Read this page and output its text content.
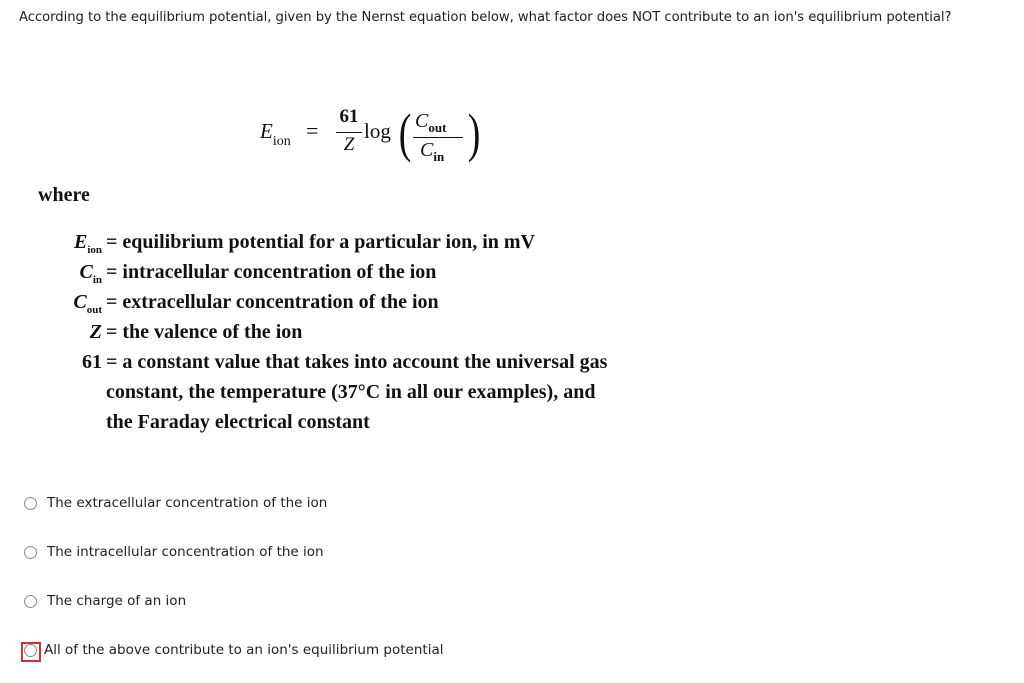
According to the equilibrium potential, given by the Nernst equation below, what factor does NOT contribute to an ion's equilibrium potential?
$E_{ion}$ =
61
Z
log ( $C_{out}$
$C_{in}$ )
where
$E_{ion}$ = equilibrium potential for a particular ion, in mV
$C_{in}$ = intracellular concentration of the ion
$C_{out}$ = extracellular concentration of the ion
Z = the valence of the ion
61 = a constant value that takes into account the universal gas
constant, the temperature (37°C in all our examples), and
the Faraday electrical constant
The extracellular concentration of the ion
The intracellular concentration of the ion
The charge of an ion
All of the above contribute to an ion's equilibrium potential
